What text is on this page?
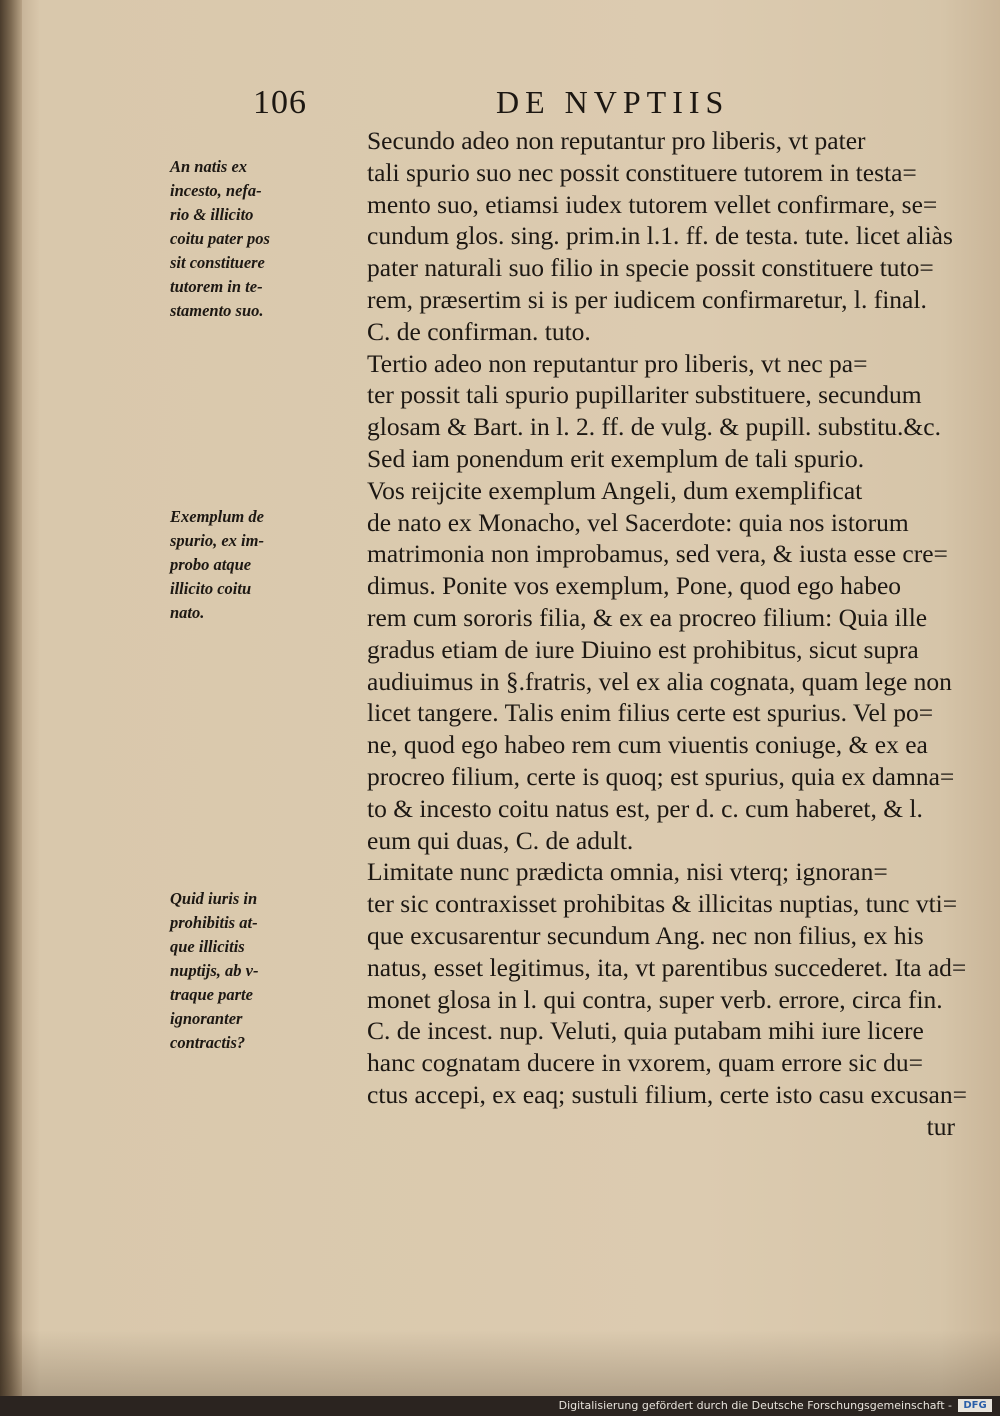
106	DE NVPTIIS
An natis ex
incesto, nefa-
rio & illicito
coitu pater pos
sit constituere
tutorem in te-
stamento suo.
Exemplum de
spurio, ex im-
probo atque
illicito coitu
nato.
Quid iuris in
prohibitis at-
que illicitis
nuptijs, ab v-
traque parte
ignoranter
contractis?

Secundo adeo non reputantur pro liberis, vt pater
tali spurio suo nec possit constituere tutorem in testa=
mento suo, etiamsi iudex tutorem vellet confirmare, se=
cundum glos. sing. prim.in l.1. ff. de testa. tute. licet aliàs
pater naturali suo filio in specie possit constituere tuto=
rem, præsertim si is per iudicem confirmaretur, l. final.
C. de confirman. tuto.

Tertio adeo non reputantur pro liberis, vt nec pa=
ter possit tali spurio pupillariter substituere, secundum
glosam & Bart. in l. 2. ff. de vulg. & pupill. substitu.&c.
Sed iam ponendum erit exemplum de tali spurio.

Vos reijcite exemplum Angeli, dum exemplificat
de nato ex Monacho, vel Sacerdote: quia nos istorum
matrimonia non improbamus, sed vera, & iusta esse cre=
dimus. Ponite vos exemplum, Pone, quod ego habeo
rem cum sororis filia, & ex ea procreo filium: Quia ille
gradus etiam de iure Diuino est prohibitus, sicut supra
audiuimus in §.fratris, vel ex alia cognata, quam lege non
licet tangere. Talis enim filius certe est spurius. Vel po=
ne, quod ego habeo rem cum viuentis coniuge, & ex ea
procreo filium, certe is quoq; est spurius, quia ex damna=
to & incesto coitu natus est, per d. c. cum haberet, & l.
eum qui duas, C. de adult.

Limitate nunc prædicta omnia, nisi vterq; ignoran=
ter sic contraxisset prohibitas & illicitas nuptias, tunc vti=
que excusarentur secundum Ang. nec non filius, ex his
natus, esset legitimus, ita, vt parentibus succederet. Ita ad=
monet glosa in l. qui contra, super verb. errore, circa fin.
C. de incest. nup. Veluti, quia putabam mihi iure licere
hanc cognatam ducere in vxorem, quam errore sic du=
ctus accepi, ex eaq; sustuli filium, certe isto casu excusan=

tur
Digitalisierung gefördert durch die Deutsche Forschungsgemeinschaft -	DFG
